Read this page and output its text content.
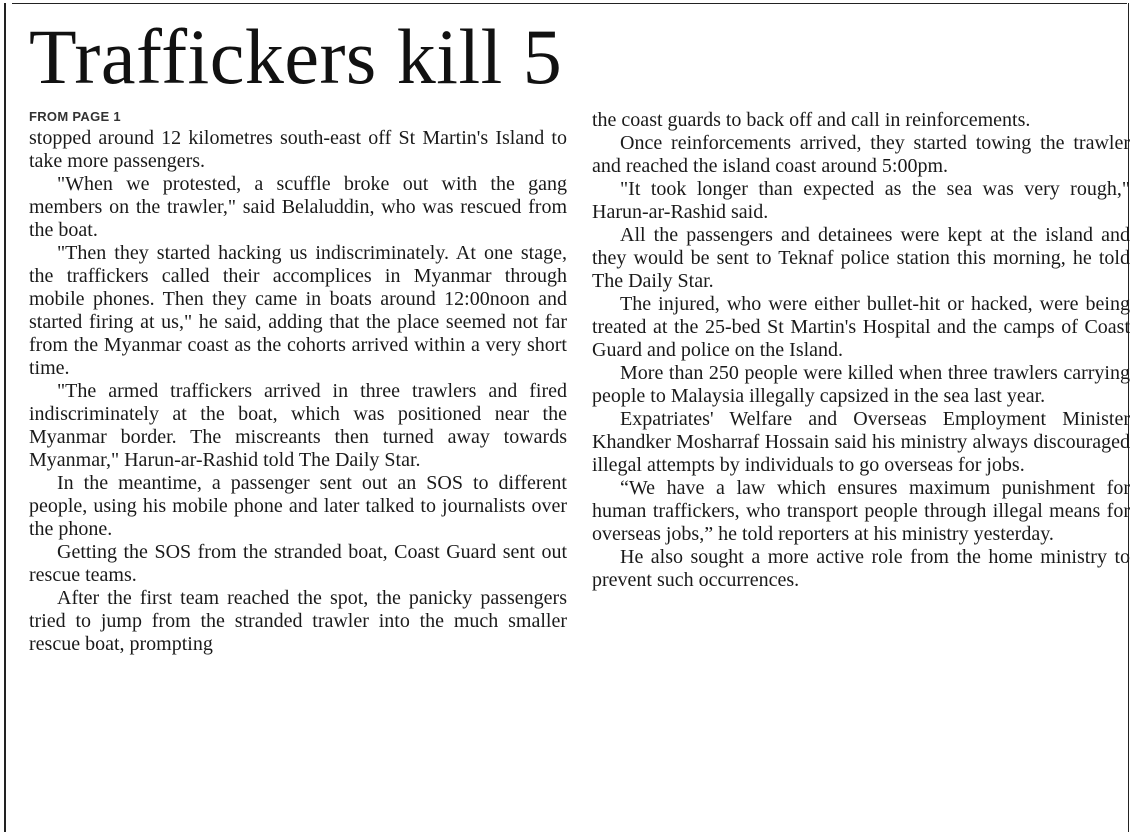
Traffickers kill 5
FROM PAGE 1

stopped around 12 kilometres south-east off St Martin's Island to take more passengers.

"When we protested, a scuffle broke out with the gang members on the trawler," said Belaluddin, who was rescued from the boat.

"Then they started hacking us indiscriminately. At one stage, the traffickers called their accomplices in Myanmar through mobile phones. Then they came in boats around 12:00noon and started firing at us," he said, adding that the place seemed not far from the Myanmar coast as the cohorts arrived within a very short time.

"The armed traffickers arrived in three trawlers and fired indiscriminately at the boat, which was positioned near the Myanmar border. The miscreants then turned away towards Myanmar," Harun-ar-Rashid told The Daily Star.

In the meantime, a passenger sent out an SOS to different people, using his mobile phone and later talked to journalists over the phone.

Getting the SOS from the stranded boat, Coast Guard sent out rescue teams.

After the first team reached the spot, the panicky passengers tried to jump from the stranded trawler into the much smaller rescue boat, prompting

the coast guards to back off and call in reinforcements.

Once reinforcements arrived, they started towing the trawler and reached the island coast around 5:00pm.

"It took longer than expected as the sea was very rough," Harun-ar-Rashid said.

All the passengers and detainees were kept at the island and they would be sent to Teknaf police station this morning, he told The Daily Star.

The injured, who were either bullet-hit or hacked, were being treated at the 25-bed St Martin's Hospital and the camps of Coast Guard and police on the Island.

More than 250 people were killed when three trawlers carrying people to Malaysia illegally capsized in the sea last year.

Expatriates' Welfare and Overseas Employment Minister Khandker Mosharraf Hossain said his ministry always discouraged illegal attempts by individuals to go overseas for jobs.

“We have a law which ensures maximum punishment for human traffickers, who transport people through illegal means for overseas jobs,” he told reporters at his ministry yesterday.

He also sought a more active role from the home ministry to prevent such occurrences.
